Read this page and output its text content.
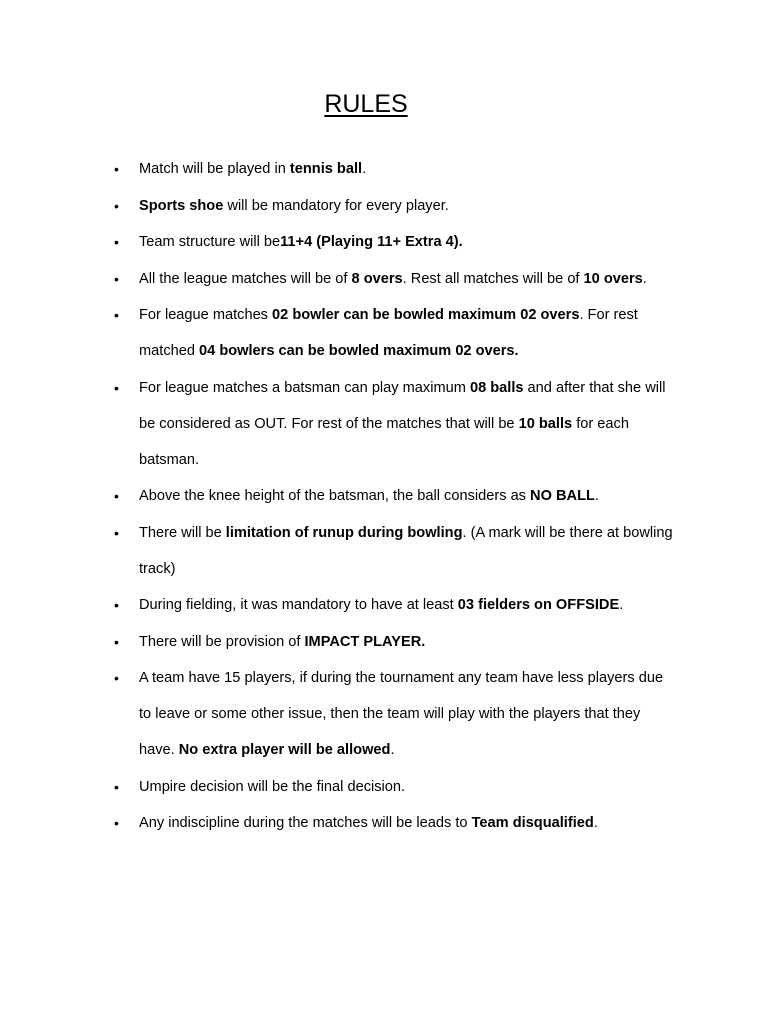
RULES
• Match will be played in tennis ball.
• Sports shoe will be mandatory for every player.
• Team structure will be11+4 (Playing 11+ Extra 4).
• All the league matches will be of 8 overs. Rest all matches will be of 10 overs.
• For league matches 02 bowler can be bowled maximum 02 overs. For rest matched 04 bowlers can be bowled maximum 02 overs.
• For league matches a batsman can play maximum 08 balls and after that she will be considered as OUT. For rest of the matches that will be 10 balls for each batsman.
• Above the knee height of the batsman, the ball considers as NO BALL.
• There will be limitation of runup during bowling. (A mark will be there at bowling track)
• During fielding, it was mandatory to have at least 03 fielders on OFFSIDE.
• There will be provision of IMPACT PLAYER.
• A team have 15 players, if during the tournament any team have less players due to leave or some other issue, then the team will play with the players that they have. No extra player will be allowed.
• Umpire decision will be the final decision.
• Any indiscipline during the matches will be leads to Team disqualified.
